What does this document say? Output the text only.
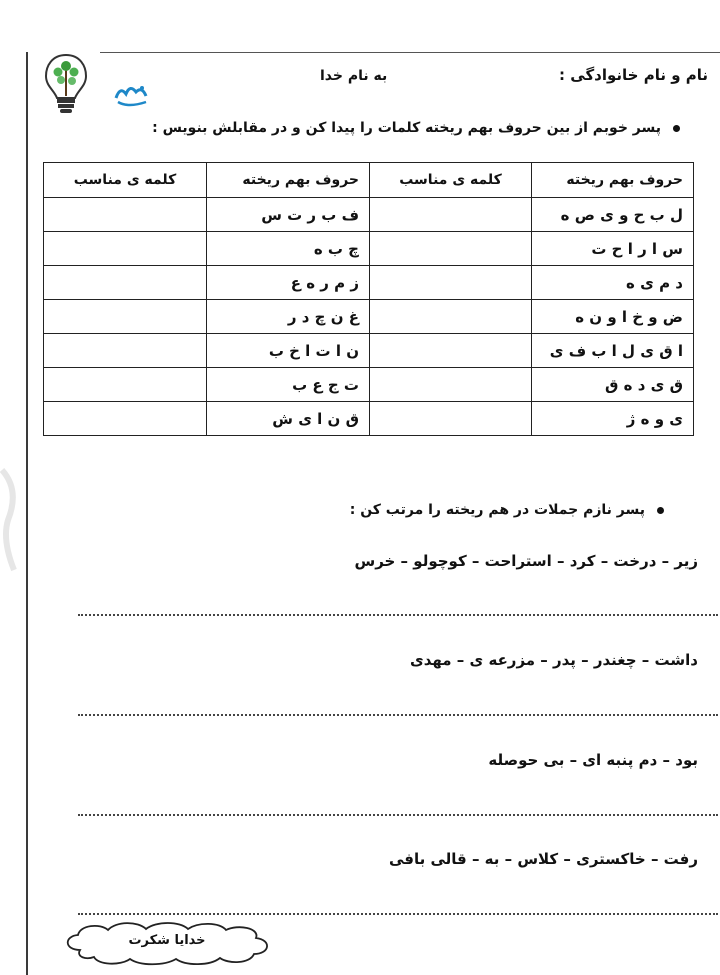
نام و نام خانوادگی :
به نام خدا
پسر خوبم از بین حروف بهم ریخته کلمات را پیدا کن و در مقابلش بنویس :
حروف بهم ریخته	کلمه ی مناسب	حروف بهم ریخته	کلمه ی مناسب
ل ب ح و ی ص ه		ف ب ر ت س	
س ا ر ا ح ت		چ ب ه	
د م ی ه		ز م ر ه ع	
ض و خ ا و ن ه		غ ن چ د ر	
ا ق ی ل ا ب ف ی		ن ا ت ا خ ب	
ق ی د ه ق		ت ج ع ب	
ی و ه ژ		ق ن ا ی ش	
پسر نازم جملات در هم ریخته را مرتب کن :
زیر – درخت – کرد – استراحت – کوچولو – خرس
داشت – چغندر – پدر – مزرعه ی – مهدی
بود – دم پنبه ای – بی حوصله
رفت – خاکستری – کلاس – به – قالی بافی
خدایا شکرت
